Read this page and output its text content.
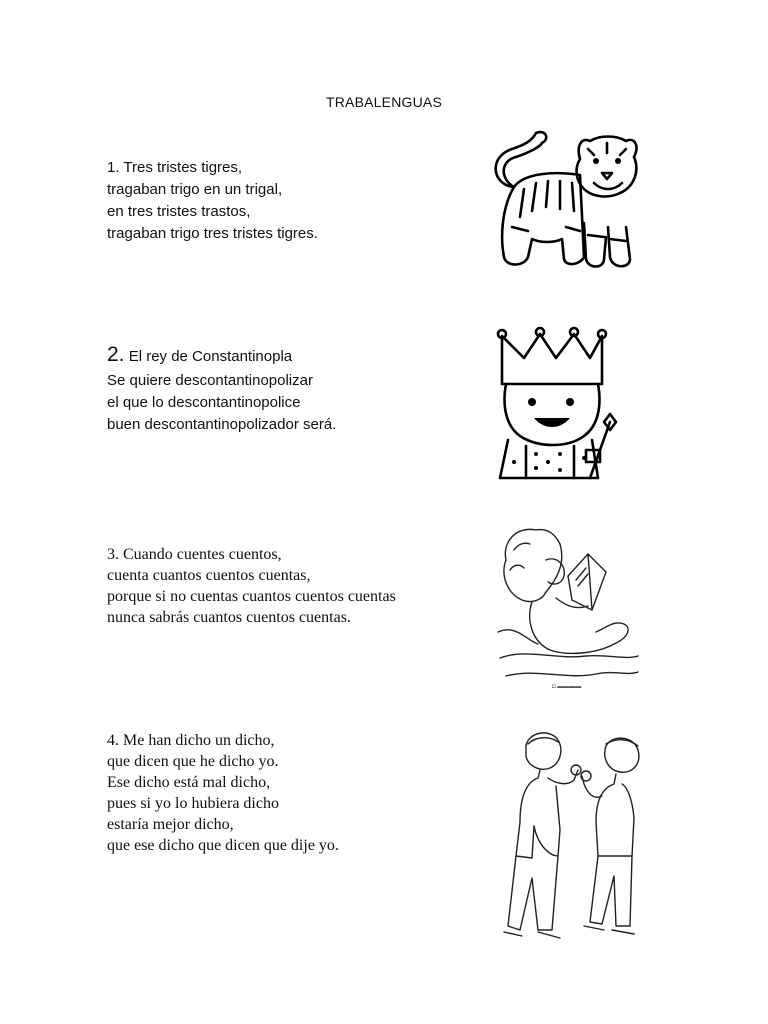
TRABALENGUAS

1. Tres tristes tigres,

tragaban trigo en un trigal,

en tres tristes trastos,

tragaban trigo tres tristes tigres.

2. El rey de Constantinopla

Se quiere descontantinopolizar

el que lo descontantinopolice

buen descontantinopolizador será.

3. Cuando cuentes cuentos,

cuenta cuantos cuentos cuentas,

porque si no cuentas cuantos cuentos cuentas

nunca sabrás cuantos cuentos cuentas.

4. Me han dicho un dicho,

que dicen que he dicho yo.

Ese dicho está mal dicho,

pues si yo lo hubiera dicho

estaría mejor dicho,

que ese dicho que dicen que dije yo.

◘ ▬▬▬▬
